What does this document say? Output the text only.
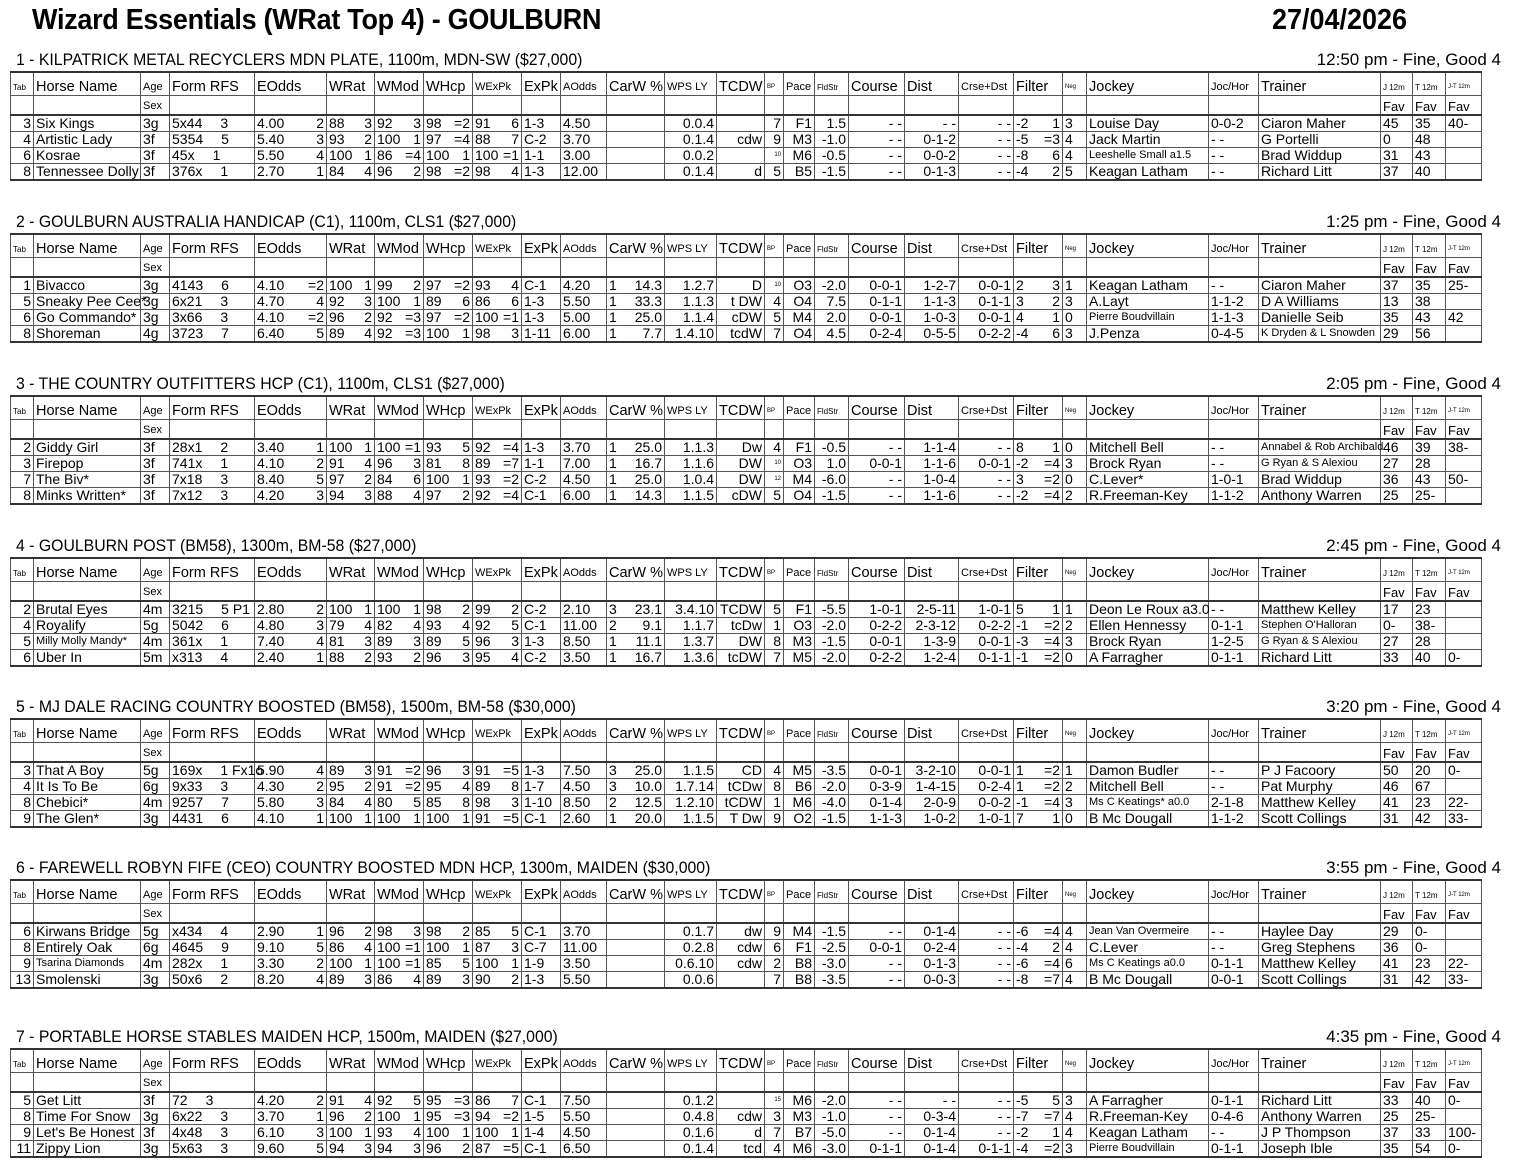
Wizard Essentials (WRat Top 4) - GOULBURN	27/04/2026
1 - KILPATRICK METAL RECYCLERS MDN PLATE, 1100m, MDN-SW ($27,000)	12:50 pm - Fine, Good 4
Tab	Horse Name	Age	Form RFS	EOdds	WRat	WMod	WHcp	WExPk	ExPk	AOdds	CarW %	WPS LY	TCDW	BP	Pace	FldStr	Course	Dist	Crse+Dst	Filter	Neg	Jockey	Joc/Hor	Trainer	J 12m	T 12m	J-T 12m
		Sex																							Fav	Fav	Fav
3	Six Kings	3g	5x44 3	4.00 2	88 3	92 3	98 =2	91 6	1-3	4.50		0.0.4		7	F1	1.5	- -	- -	- -	-2 1	3	Louise Day	0-0-2	Ciaron Maher	45	35	40-
4	Artistic Lady	3f	5354 5	5.40 3	93 2	100 1	97 =4	88 7	C-2	3.70		0.1.4	cdw	9	M3	-1.0	- -	0-1-2	- -	-5 =3	4	Jack Martin	- -	G Portelli	0	48	
6	Kosrae	3f	45x 1	5.50 4	100 1	86 =4	100 1	100 =1	1-1	3.00		0.0.2		10	M6	-0.5	- -	0-0-2	- -	-8 6	4	Leeshelle Small a1.5	- -	Brad Widdup	31	43	
8	Tennessee Dolly	3f	376x 1	2.70 1	84 4	96 2	98 =2	98 4	1-3	12.00		0.1.4	d	5	B5	-1.5	- -	0-1-3	- -	-4 2	5	Keagan Latham	- -	Richard Litt	37	40	
2 - GOULBURN AUSTRALIA HANDICAP (C1), 1100m, CLS1 ($27,000)	1:25 pm - Fine, Good 4
Tab	Horse Name	Age	Form RFS	EOdds	WRat	WMod	WHcp	WExPk	ExPk	AOdds	CarW %	WPS LY	TCDW	BP	Pace	FldStr	Course	Dist	Crse+Dst	Filter	Neg	Jockey	Joc/Hor	Trainer	J 12m	T 12m	J-T 12m
		Sex																							Fav	Fav	Fav
1	Bivacco	3g	4143 6	4.10 =2	100 1	99 2	97 =2	93 4	C-1	4.20	1 14.3	1.2.7	D	10	O3	-2.0	0-0-1	1-2-7	0-0-1	2 3	1	Keagan Latham	- -	Ciaron Maher	37	35	25-
5	Sneaky Pee Cee*	3g	6x21 3	4.70 4	92 3	100 1	89 6	86 6	1-3	5.50	1 33.3	1.1.3	t DW	4	O4	7.5	0-1-1	1-1-3	0-1-1	3 2	3	A.Layt	1-1-2	D A Williams	13	38	
6	Go Commando*	3g	3x66 3	4.10 =2	96 2	92 =3	97 =2	100 =1	1-3	5.00	1 25.0	1.1.4	cDW	5	M4	2.0	0-0-1	1-0-3	0-0-1	4 1	0	Pierre Boudvillain	1-1-3	Danielle Seib	35	43	42
8	Shoreman	4g	3723 7	6.40 5	89 4	92 =3	100 1	98 3	1-11	6.00	1 7.7	1.4.10	tcdW	7	O4	4.5	0-2-4	0-5-5	0-2-2	-4 6	3	J.Penza	0-4-5	K Dryden & L Snowden	29	56	
3 - THE COUNTRY OUTFITTERS HCP (C1), 1100m, CLS1 ($27,000)	2:05 pm - Fine, Good 4
Tab	Horse Name	Age	Form RFS	EOdds	WRat	WMod	WHcp	WExPk	ExPk	AOdds	CarW %	WPS LY	TCDW	BP	Pace	FldStr	Course	Dist	Crse+Dst	Filter	Neg	Jockey	Joc/Hor	Trainer	J 12m	T 12m	J-T 12m
		Sex																							Fav	Fav	Fav
2	Giddy Girl	3f	28x1 2	3.40 1	100 1	100 =1	93 5	92 =4	1-3	3.70	1 25.0	1.1.3	Dw	4	F1	-0.5	- -	1-1-4	- -	8 1	0	Mitchell Bell	- -	Annabel & Rob Archibald	46	39	38-
3	Firepop	3f	741x 1	4.10 2	91 4	96 3	81 8	89 =7	1-1	7.00	1 16.7	1.1.6	DW	10	O3	1.0	0-0-1	1-1-6	0-0-1	-2 =4	3	Brock Ryan	- -	G Ryan & S Alexiou	27	28	
7	The Biv*	3f	7x18 3	8.40 5	97 2	84 6	100 1	93 =2	C-2	4.50	1 25.0	1.0.4	DW	12	M4	-6.0	- -	1-0-4	- -	3 =2	0	C.Lever*	1-0-1	Brad Widdup	36	43	50-
8	Minks Written*	3f	7x12 3	4.20 3	94 3	88 4	97 2	92 =4	C-1	6.00	1 14.3	1.1.5	cDW	5	O4	-1.5	- -	1-1-6	- -	-2 =4	2	R.Freeman-Key	1-1-2	Anthony Warren	25	25-	
4 - GOULBURN POST (BM58), 1300m, BM-58 ($27,000)	2:45 pm - Fine, Good 4
Tab	Horse Name	Age	Form RFS	EOdds	WRat	WMod	WHcp	WExPk	ExPk	AOdds	CarW %	WPS LY	TCDW	BP	Pace	FldStr	Course	Dist	Crse+Dst	Filter	Neg	Jockey	Joc/Hor	Trainer	J 12m	T 12m	J-T 12m
		Sex																							Fav	Fav	Fav
2	Brutal Eyes	4m	3215 5 P1	2.80 2	100 1	100 1	98 2	99 2	C-2	2.10	3 23.1	3.4.10	TCDW	5	F1	-5.5	1-0-1	2-5-11	1-0-1	5 1	1	Deon Le Roux a3.0	- -	Matthew Kelley	17	23	
4	Royalify	5g	5042 6	4.80 3	79 4	82 4	93 4	92 5	C-1	11.00	2 9.1	1.1.7	tcDw	1	O3	-2.0	0-2-2	2-3-12	0-2-2	-1 =2	2	Ellen Hennessy	0-1-1	Stephen O'Halloran	0-	38-	
5	Milly Molly Mandy*	4m	361x 1	7.40 4	81 3	89 3	89 5	96 3	1-3	8.50	1 11.1	1.3.7	DW	8	M3	-1.5	0-0-1	1-3-9	0-0-1	-3 =4	3	Brock Ryan	1-2-5	G Ryan & S Alexiou	27	28	
6	Uber In	5m	x313 4	2.40 1	88 2	93 2	96 3	95 4	C-2	3.50	1 16.7	1.3.6	tcDW	7	M5	-2.0	0-2-2	1-2-4	0-1-1	-1 =2	0	A Farragher	0-1-1	Richard Litt	33	40	0-
5 - MJ DALE RACING COUNTRY BOOSTED (BM58), 1500m, BM-58 ($30,000)	3:20 pm - Fine, Good 4
Tab	Horse Name	Age	Form RFS	EOdds	WRat	WMod	WHcp	WExPk	ExPk	AOdds	CarW %	WPS LY	TCDW	BP	Pace	FldStr	Course	Dist	Crse+Dst	Filter	Neg	Jockey	Joc/Hor	Trainer	J 12m	T 12m	J-T 12m
		Sex																							Fav	Fav	Fav
3	That A Boy	5g	169x 1 Fx1o	5.90 4	89 3	91 =2	96 3	91 =5	1-3	7.50	3 25.0	1.1.5	CD	4	M5	-3.5	0-0-1	3-2-10	0-0-1	1 =2	1	Damon Budler	- -	P J Facoory	50	20	0-
4	It Is To Be	6g	9x33 3	4.30 2	95 2	91 =2	95 4	89 8	1-7	4.50	3 10.0	1.7.14	tCDw	8	B6	-2.0	0-3-9	1-4-15	0-2-4	1 =2	2	Mitchell Bell	- -	Pat Murphy	46	67	
8	Chebici*	4m	9257 7	5.80 3	84 4	80 5	85 8	98 3	1-10	8.50	2 12.5	1.2.10	tCDW	1	M6	-4.0	0-1-4	2-0-9	0-0-2	-1 =4	3	Ms C Keatings* a0.0	2-1-8	Matthew Kelley	41	23	22-
9	The Glen*	3g	4431 6	4.10 1	100 1	100 1	100 1	91 =5	C-1	2.60	1 20.0	1.1.5	T Dw	9	O2	-1.5	1-1-3	1-0-2	1-0-1	7 1	0	B Mc Dougall	1-1-2	Scott Collings	31	42	33-
6 - FAREWELL ROBYN FIFE (CEO) COUNTRY BOOSTED MDN HCP, 1300m, MAIDEN ($30,000)	3:55 pm - Fine, Good 4
Tab	Horse Name	Age	Form RFS	EOdds	WRat	WMod	WHcp	WExPk	ExPk	AOdds	CarW %	WPS LY	TCDW	BP	Pace	FldStr	Course	Dist	Crse+Dst	Filter	Neg	Jockey	Joc/Hor	Trainer	J 12m	T 12m	J-T 12m
		Sex																							Fav	Fav	Fav
6	Kirwans Bridge	5g	x434 4	2.90 1	96 2	98 3	98 2	85 5	C-1	3.70		0.1.7	dw	9	M4	-1.5	- -	0-1-4	- -	-6 =4	4	Jean Van Overmeire	- -	Haylee Day	29	0-	
8	Entirely Oak	6g	4645 9	9.10 5	86 4	100 =1	100 1	87 3	C-7	11.00		0.2.8	cdw	6	F1	-2.5	0-0-1	0-2-4	- -	-4 2	4	C.Lever	- -	Greg Stephens	36	0-	
9	Tsarina Diamonds	4m	282x 1	3.30 2	100 1	100 =1	85 5	100 1	1-9	3.50		0.6.10	cdw	2	B8	-3.0	- -	0-1-3	- -	-6 =4	6	Ms C Keatings a0.0	0-1-1	Matthew Kelley	41	23	22-
13	Smolenski	3g	50x6 2	8.20 4	89 3	86 4	89 3	90 2	1-3	5.50		0.0.6		7	B8	-3.5	- -	0-0-3	- -	-8 =7	4	B Mc Dougall	0-0-1	Scott Collings	31	42	33-
7 - PORTABLE HORSE STABLES MAIDEN HCP, 1500m, MAIDEN ($27,000)	4:35 pm - Fine, Good 4
Tab	Horse Name	Age	Form RFS	EOdds	WRat	WMod	WHcp	WExPk	ExPk	AOdds	CarW %	WPS LY	TCDW	BP	Pace	FldStr	Course	Dist	Crse+Dst	Filter	Neg	Jockey	Joc/Hor	Trainer	J 12m	T 12m	J-T 12m
		Sex																							Fav	Fav	Fav
5	Get Litt	3f	72 3	4.20 2	91 4	92 5	95 =3	86 7	C-1	7.50		0.1.2		15	M6	-2.0	- -	- -	- -	-5 5	3	A Farragher	0-1-1	Richard Litt	33	40	0-
8	Time For Snow	3g	6x22 3	3.70 1	96 2	100 1	95 =3	94 =2	1-5	5.50		0.4.8	cdw	3	M3	-1.0	- -	0-3-4	- -	-7 =7	4	R.Freeman-Key	0-4-6	Anthony Warren	25	25-	
9	Let's Be Honest	3f	4x48 3	6.10 3	100 1	93 4	100 1	100 1	1-4	4.50		0.1.6	d	7	B7	-5.0	- -	0-1-4	- -	-2 1	4	Keagan Latham	- -	J P Thompson	37	33	100-
11	Zippy Lion	3g	5x63 3	9.60 5	94 3	94 3	96 2	87 =5	C-1	6.50		0.1.4	tcd	4	M6	-3.0	0-1-1	0-1-4	0-1-1	-4 =2	3	Pierre Boudvillain	0-1-1	Joseph Ible	35	54	0-
